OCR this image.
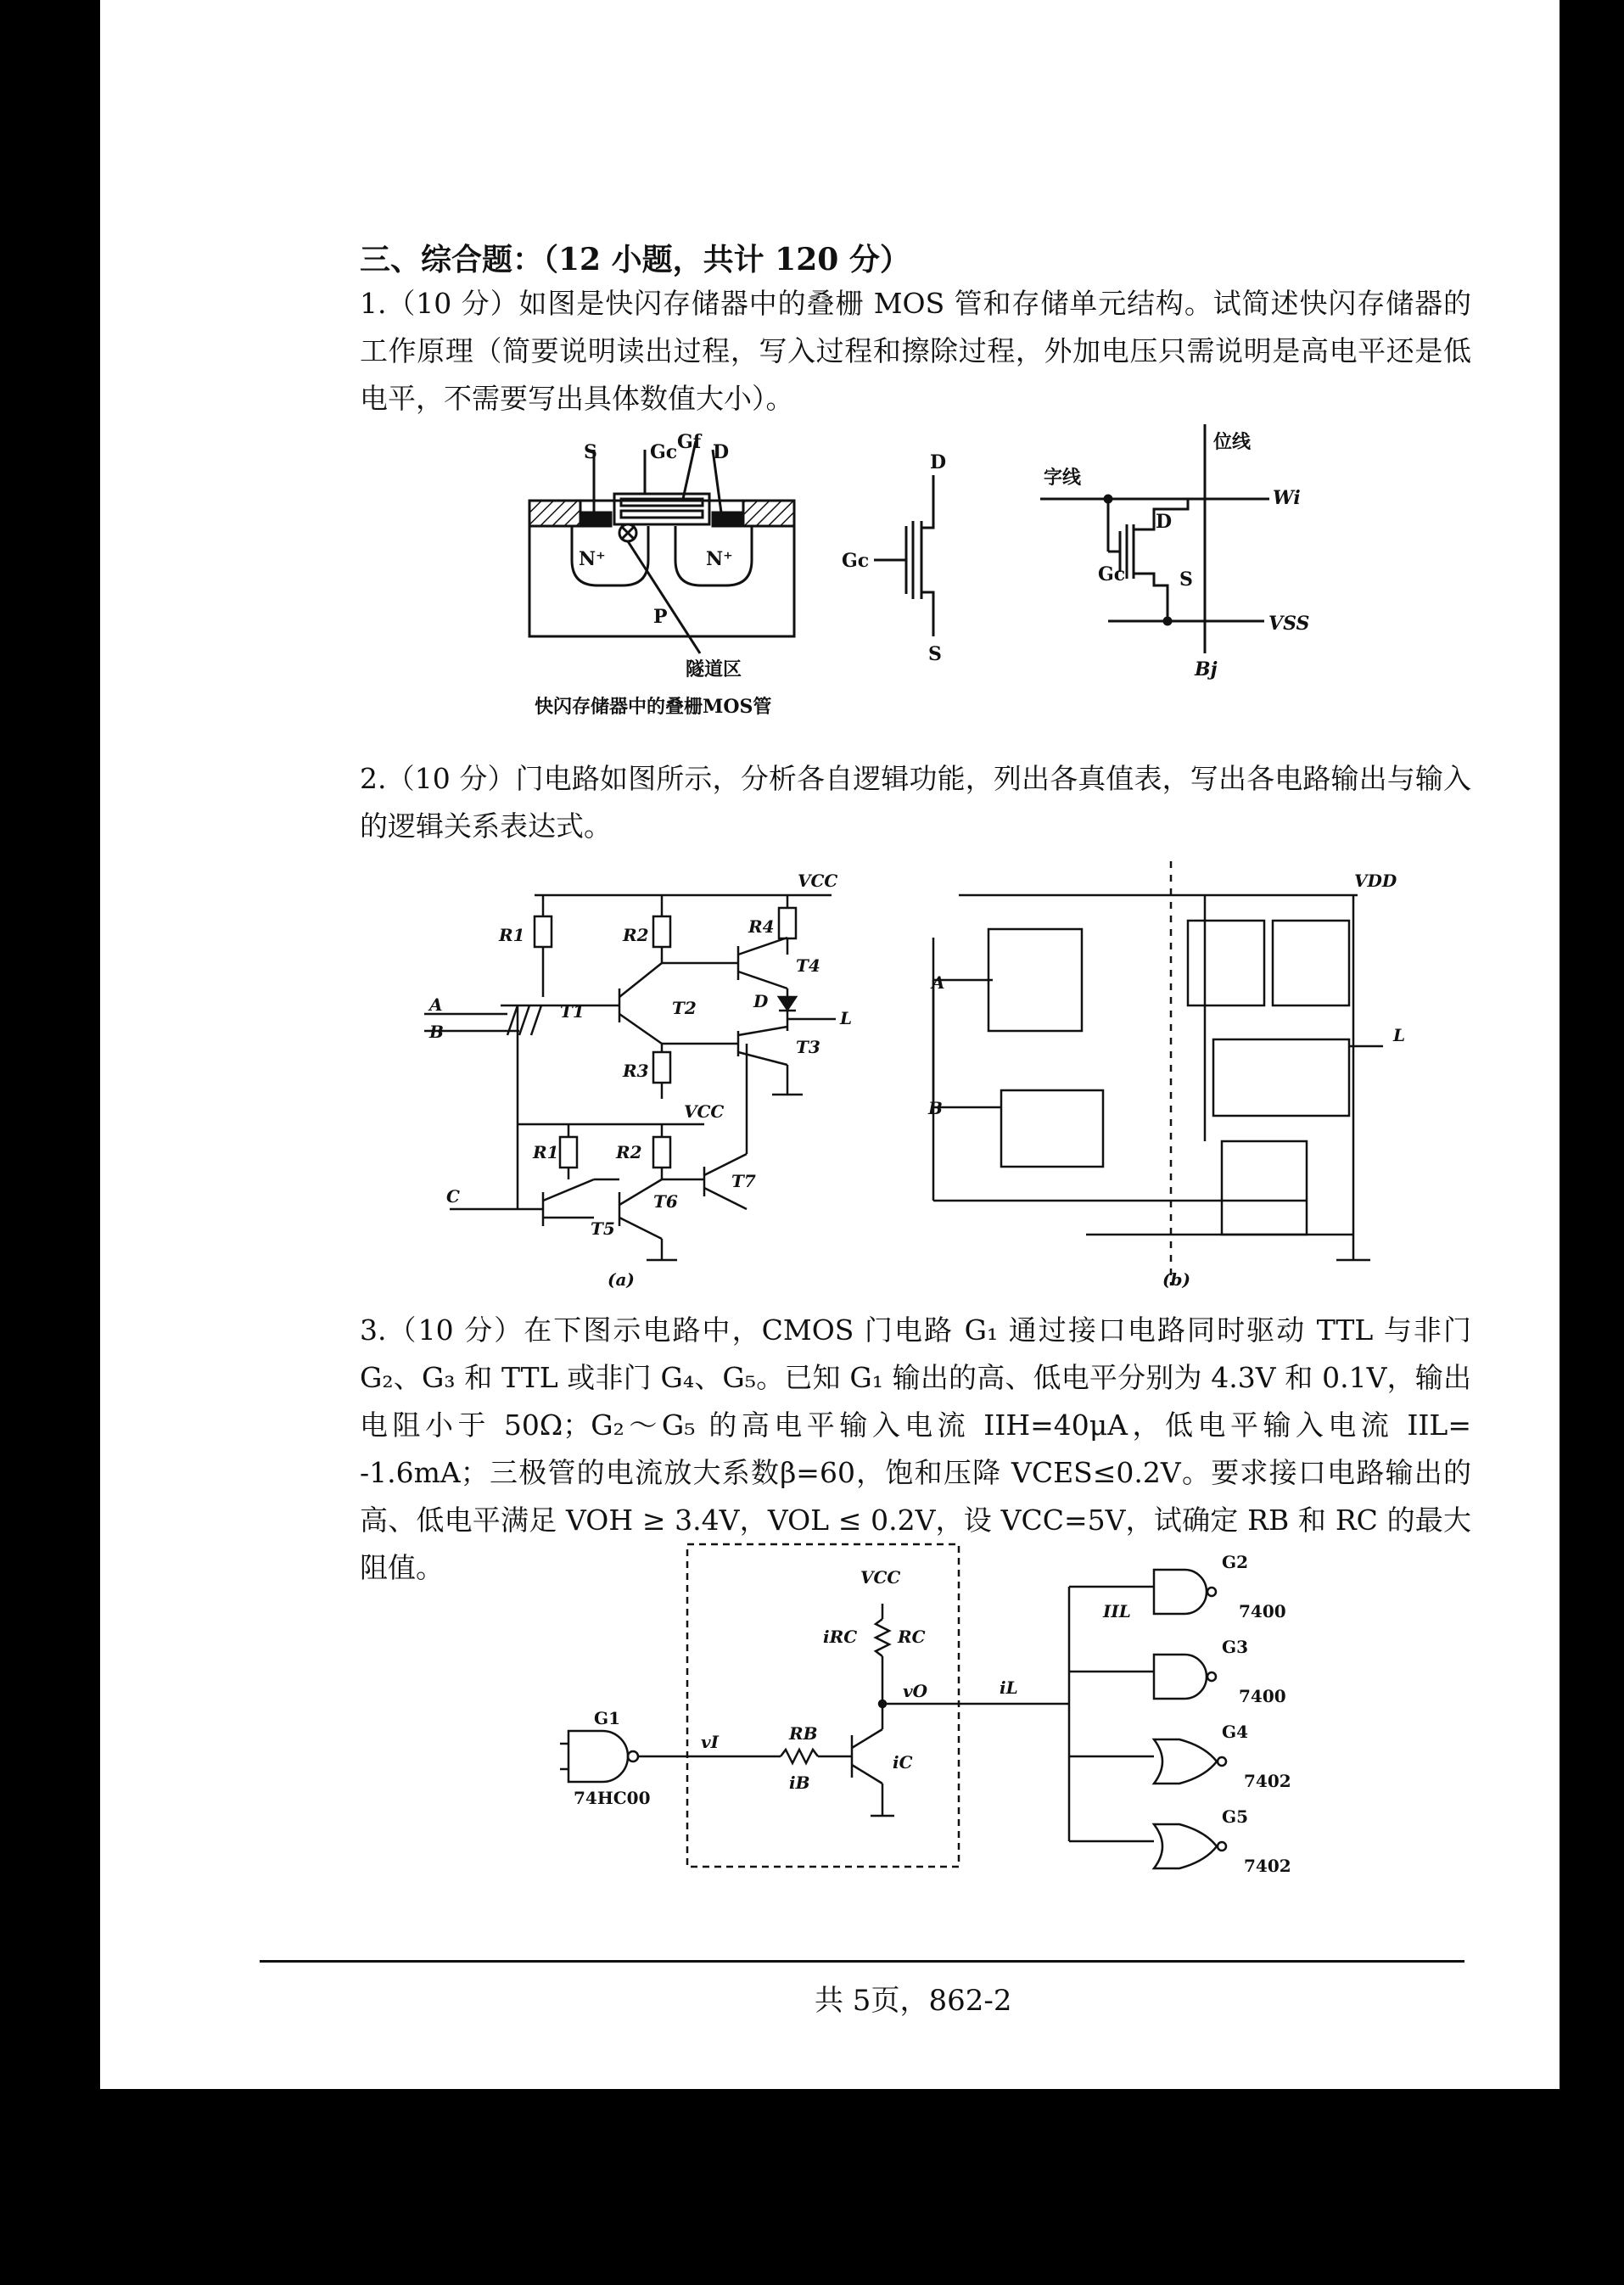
三、综合题：（12 小题，共计 120 分）
1.（10 分）如图是快闪存储器中的叠栅 MOS 管和存储单元结构。试简述快闪存储器的工作原理（简要说明读出过程，写入过程和擦除过程，外加电压只需说明是高电平还是低电平，不需要写出具体数值大小）。
S	Gc Gf D
N⁺	N⁺
P
隧道区
快闪存储器中的叠栅MOS管
D
Gc
S
位线
字线
Wi
VSS
Bj
D
Gc	S
2.（10 分）门电路如图所示，分析各自逻辑功能，列出各真值表，写出各电路输出与输入的逻辑关系表达式。
VCC
R1	R2	R4
R3
VCC
R1	R2
T1	T2
T4
T3
D
T5
T6
T7
A
B
C
L
(a)
VDD
A
B
L
(b)
3.（10 分）在下图示电路中，CMOS 门电路 G₁ 通过接口电路同时驱动 TTL 与非门 G₂、G₃ 和 TTL 或非门 G₄、G₅。已知 G₁ 输出的高、低电平分别为 4.3V 和 0.1V，输出电阻小于 50Ω；G₂～G₅ 的高电平输入电流 IIH=40μA，低电平输入电流 IIL= -1.6mA；三极管的电流放大系数β=60，饱和压降 VCES≤0.2V。要求接口电路输出的高、低电平满足 VOH ≥ 3.4V，VOL ≤ 0.2V，设 VCC=5V，试确定 RB 和 RC 的最大阻值。
G1
74HC00
vI	RB
iB
VCC
iRC RC
vO
iC
iL
IIL
G2
G3
G4
G5
7400
7400
7402
7402
共 5页，862-2
